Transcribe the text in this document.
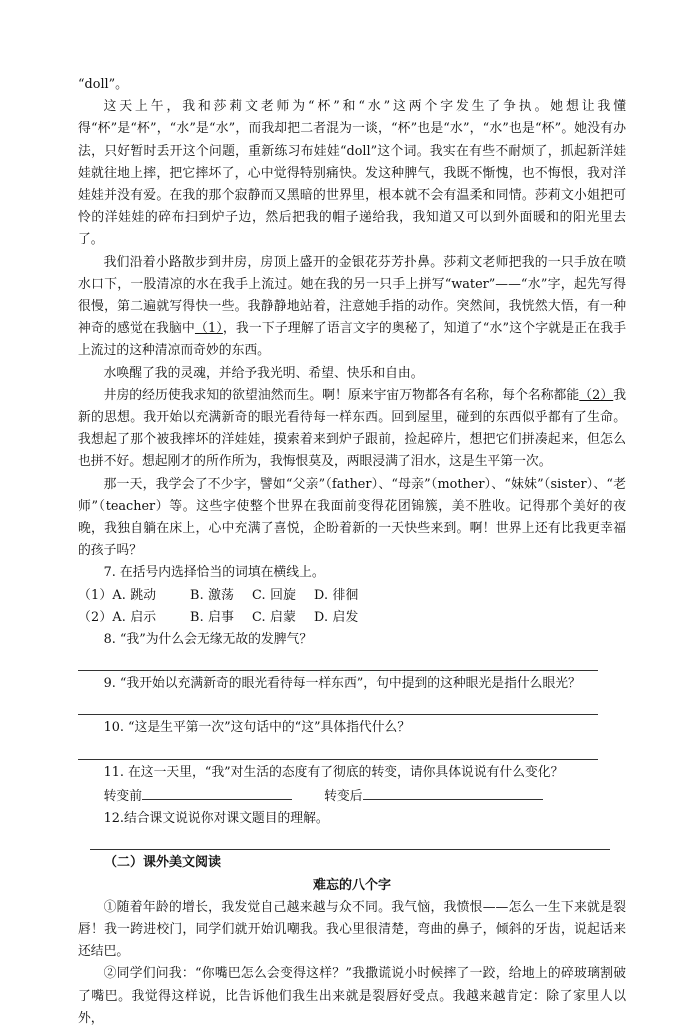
“doll”。

这天上午，我和莎莉文老师为“杯”和“水”这两个字发生了争执。她想让我懂得“杯”是“杯”，“水”是“水”，而我却把二者混为一谈，“杯”也是“水”，“水”也是“杯”。她没有办法，只好暂时丢开这个问题，重新练习布娃娃“doll”这个词。我实在有些不耐烦了，抓起新洋娃娃就往地上摔，把它摔坏了，心中觉得特别痛快。发这种脾气，我既不惭愧，也不悔恨，我对洋娃娃并没有爱。在我的那个寂静而又黑暗的世界里，根本就不会有温柔和同情。莎莉文小姐把可怜的洋娃娃的碎布扫到炉子边，然后把我的帽子递给我，我知道又可以到外面暖和的阳光里去了。

我们沿着小路散步到井房，房顶上盛开的金银花芬芳扑鼻。莎莉文老师把我的一只手放在喷水口下，一股清凉的水在我手上流过。她在我的另一只手上拼写“water”——“水”字，起先写得很慢，第二遍就写得快一些。我静静地站着，注意她手指的动作。突然间，我恍然大悟，有一种神奇的感觉在我脑中（1），我一下子理解了语言文字的奥秘了，知道了“水”这个字就是正在我手上流过的这种清凉而奇妙的东西。

水唤醒了我的灵魂，并给予我光明、希望、快乐和自由。

井房的经历使我求知的欲望油然而生。啊！原来宇宙万物都各有名称，每个名称都能（2）我新的思想。我开始以充满新奇的眼光看待每一样东西。回到屋里，碰到的东西似乎都有了生命。我想起了那个被我摔坏的洋娃娃，摸索着来到炉子跟前，捡起碎片，想把它们拼凑起来，但怎么也拼不好。想起刚才的所作所为，我悔恨莫及，两眼浸满了泪水，这是生平第一次。

那一天，我学会了不少字，譬如“父亲”（father）、“母亲”（mother）、“妹妹”（sister）、“老师”（teacher）等。这些字使整个世界在我面前变得花团锦簇，美不胜收。记得那个美好的夜晚，我独自躺在床上，心中充满了喜悦，企盼着新的一天快些来到。啊！世界上还有比我更幸福的孩子吗？

7. 在括号内选择恰当的词填在横线上。

（1）A. 跳动	B. 激荡 C. 回旋 D. 徘徊

（2）A. 启示	B. 启事 C. 启蒙 D. 启发

8. “我”为什么会无缘无故的发脾气？

9. “我开始以充满新奇的眼光看待每一样东西”，句中提到的这种眼光是指什么眼光？

10. “这是生平第一次”这句话中的“这”具体指代什么？

11. 在这一天里，“我”对生活的态度有了彻底的转变，请你具体说说有什么变化？

转变前	转变后

12.结合课文说说你对课文题目的理解。

（二）课外美文阅读

难忘的八个字

①随着年龄的增长，我发觉自己越来越与众不同。我气恼，我愤恨——怎么一生下来就是裂唇！我一跨进校门，同学们就开始讥嘲我。我心里很清楚，弯曲的鼻子，倾斜的牙齿，说起话来还结巴。

②同学们问我：“你嘴巴怎么会变得这样？”我撒谎说小时候摔了一跤，给地上的碎玻璃割破了嘴巴。我觉得这样说，比告诉他们我生出来就是裂唇好受点。我越来越肯定：除了家里人以外，
